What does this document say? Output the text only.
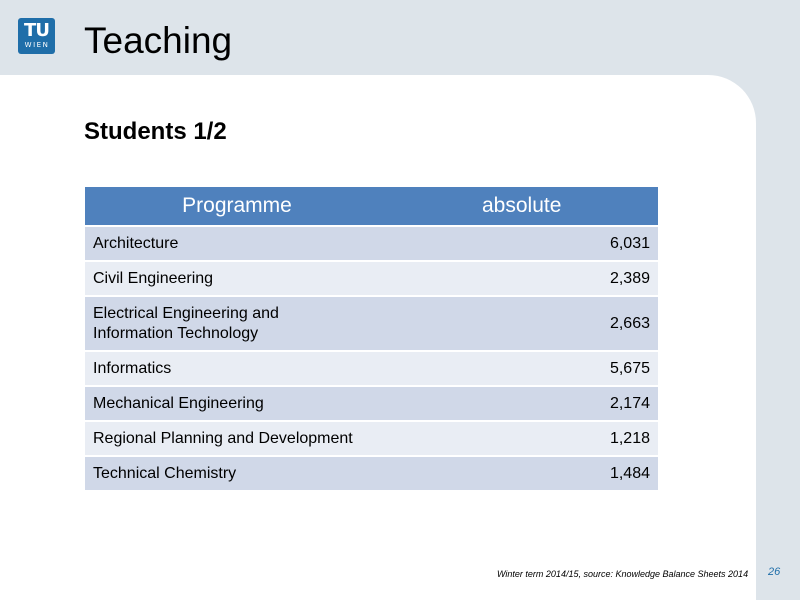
TU
WIEN Teaching
Students 1/2
Programme	absolute
Architecture	6,031
Civil Engineering	2,389
Electrical Engineering and
Information Technology	2,663
Informatics	5,675
Mechanical Engineering	2,174
Regional Planning and Development	1,218
Technical Chemistry	1,484
Winter term 2014/15, source: Knowledge Balance Sheets 2014 26
